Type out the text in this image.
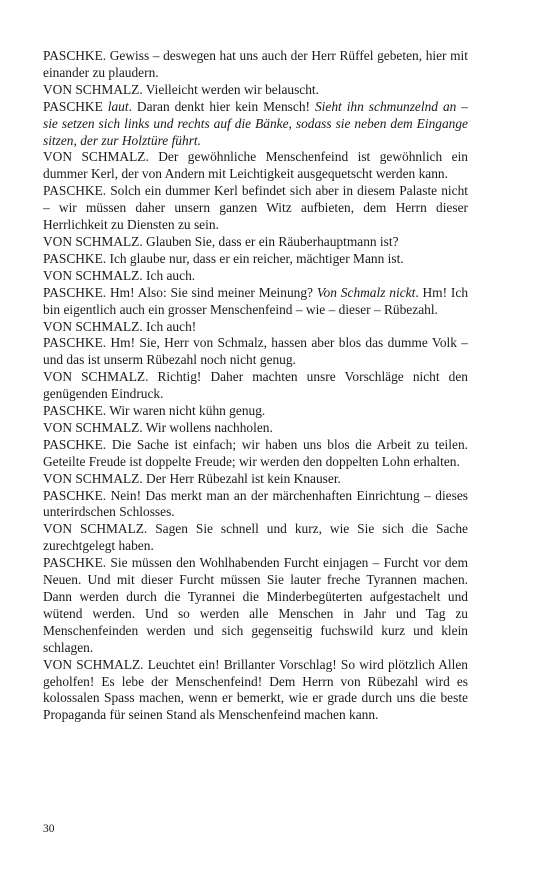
PASCHKE. Gewiss – deswegen hat uns auch der Herr Rüffel gebeten, hier mit einander zu plaudern.

VON SCHMALZ. Vielleicht werden wir belauscht.

PASCHKE laut. Daran denkt hier kein Mensch! Sieht ihn schmunzelnd an – sie setzen sich links und rechts auf die Bänke, sodass sie neben dem Eingange sitzen, der zur Holztüre führt.

VON SCHMALZ. Der gewöhnliche Menschenfeind ist gewöhnlich ein dummer Kerl, der von Andern mit Leichtigkeit ausgequetscht werden kann.

PASCHKE. Solch ein dummer Kerl befindet sich aber in diesem Palaste nicht – wir müssen daher unsern ganzen Witz aufbieten, dem Herrn dieser Herrlichkeit zu Diensten zu sein.

VON SCHMALZ. Glauben Sie, dass er ein Räuberhauptmann ist?

PASCHKE. Ich glaube nur, dass er ein reicher, mächtiger Mann ist.

VON SCHMALZ. Ich auch.

PASCHKE. Hm! Also: Sie sind meiner Meinung? Von Schmalz nickt. Hm! Ich bin eigentlich auch ein grosser Menschenfeind – wie – dieser – Rübezahl.

VON SCHMALZ. Ich auch!

PASCHKE. Hm! Sie, Herr von Schmalz, hassen aber blos das dumme Volk – und das ist unserm Rübezahl noch nicht genug.

VON SCHMALZ. Richtig! Daher machten unsre Vorschläge nicht den genügenden Eindruck.

PASCHKE. Wir waren nicht kühn genug.

VON SCHMALZ. Wir wollens nachholen.

PASCHKE. Die Sache ist einfach; wir haben uns blos die Arbeit zu teilen. Geteilte Freude ist doppelte Freude; wir werden den doppelten Lohn erhalten.

VON SCHMALZ. Der Herr Rübezahl ist kein Knauser.

PASCHKE. Nein! Das merkt man an der märchenhaften Einrichtung – dieses unterirdschen Schlosses.

VON SCHMALZ. Sagen Sie schnell und kurz, wie Sie sich die Sache zurechtgelegt haben.

PASCHKE. Sie müssen den Wohlhabenden Furcht einjagen – Furcht vor dem Neuen. Und mit dieser Furcht müssen Sie lauter freche Tyrannen machen. Dann werden durch die Tyrannei die Minderbegüterten aufgestachelt und wütend werden. Und so werden alle Menschen in Jahr und Tag zu Menschenfeinden werden und sich gegenseitig fuchswild kurz und klein schlagen.

VON SCHMALZ. Leuchtet ein! Brillanter Vorschlag! So wird plötzlich Allen geholfen! Es lebe der Menschenfeind! Dem Herrn von Rübezahl wird es kolossalen Spass machen, wenn er bemerkt, wie er grade durch uns die beste Propaganda für seinen Stand als Menschenfeind machen kann.

30
